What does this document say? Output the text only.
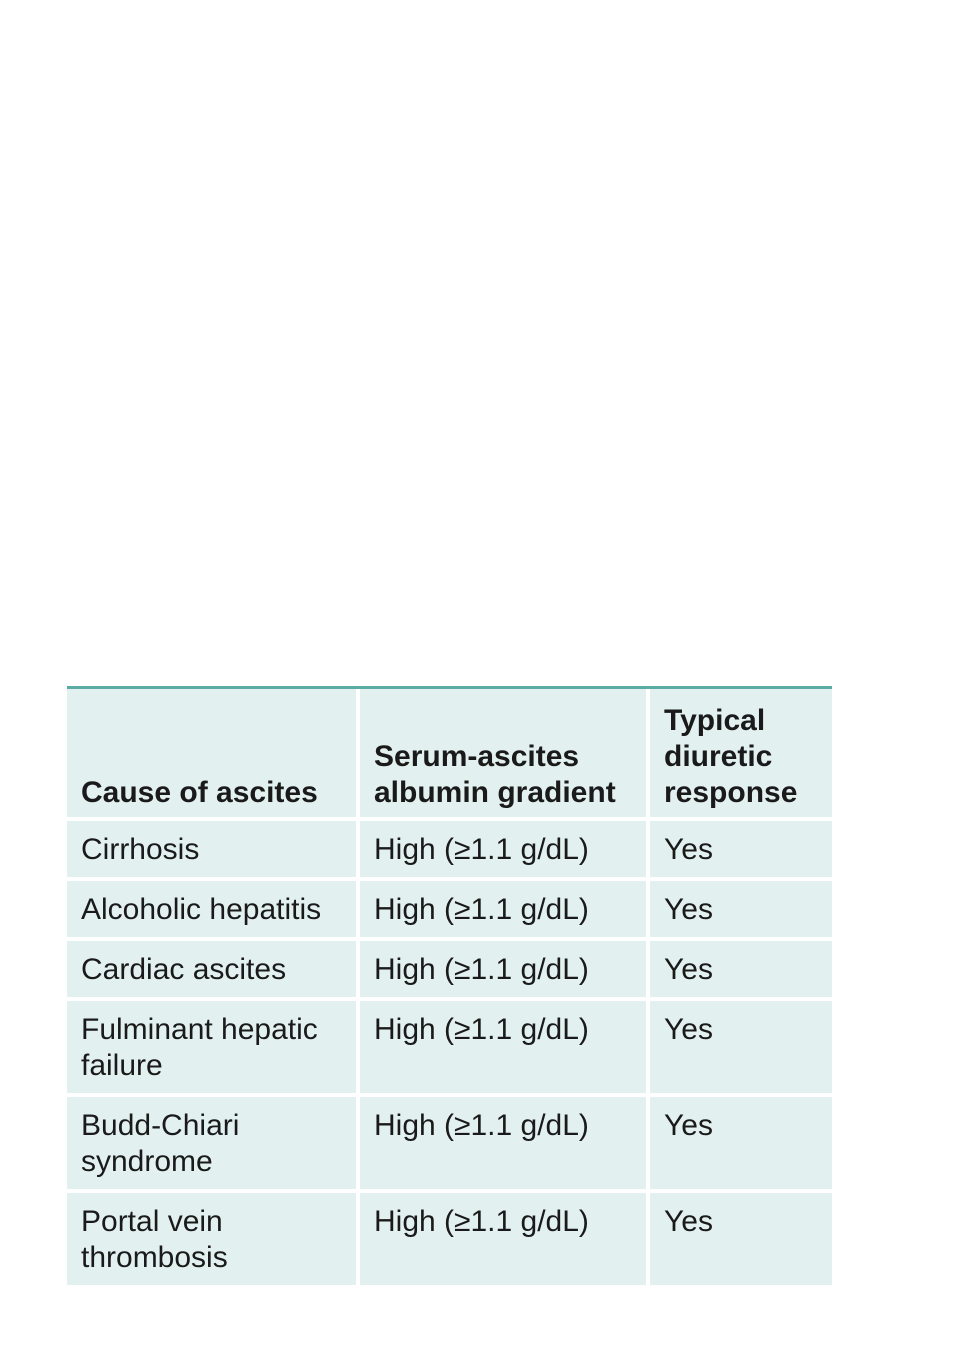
Cause of ascites	Serum-ascites albumin gradient	Typical diuretic response
Cirrhosis	High (≥1.1 g/dL)	Yes
Alcoholic hepatitis	High (≥1.1 g/dL)	Yes
Cardiac ascites	High (≥1.1 g/dL)	Yes
Fulminant hepatic failure	High (≥1.1 g/dL)	Yes
Budd-Chiari syndrome	High (≥1.1 g/dL)	Yes
Portal vein thrombosis	High (≥1.1 g/dL)	Yes
